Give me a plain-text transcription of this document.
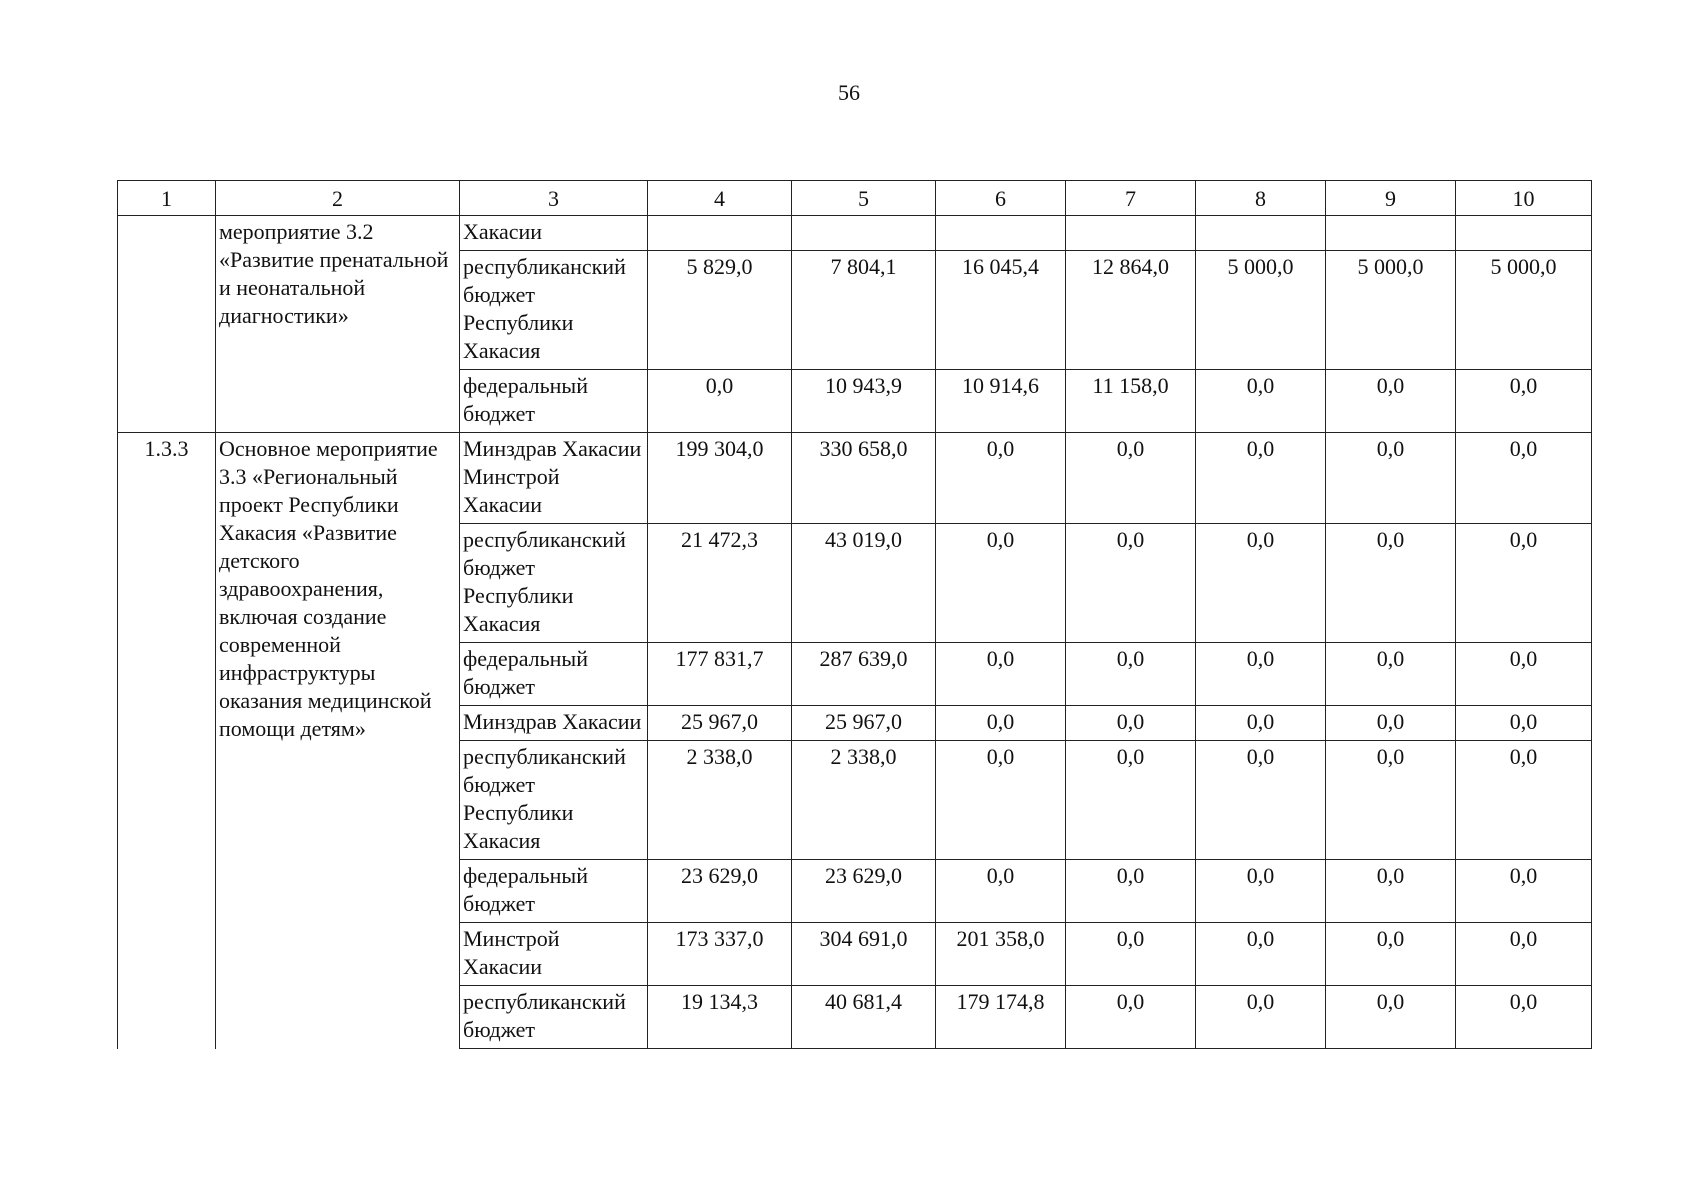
56
1	2	3	4	5	6	7	8	9	10
	мероприятие 3.2 «Развитие пренатальной и неонатальной диагностики»	Хакасии							
		республиканский бюджет Республики Хакасия	5 829,0	7 804,1	16 045,4	12 864,0	5 000,0	5 000,0	5 000,0
		федеральный бюджет	0,0	10 943,9	10 914,6	11 158,0	0,0	0,0	0,0
1.3.3	Основное мероприятие 3.3 «Региональный проект Республики Хакасия «Развитие детского здравоохранения, включая создание современной инфраструктуры оказания медицинской помощи детям»	Минздрав Хакасии Минстрой Хакасии	199 304,0	330 658,0	0,0	0,0	0,0	0,0	0,0
		республиканский бюджет Республики Хакасия	21 472,3	43 019,0	0,0	0,0	0,0	0,0	0,0
		федеральный бюджет	177 831,7	287 639,0	0,0	0,0	0,0	0,0	0,0
		Минздрав Хакасии	25 967,0	25 967,0	0,0	0,0	0,0	0,0	0,0
		республиканский бюджет Республики Хакасия	2 338,0	2 338,0	0,0	0,0	0,0	0,0	0,0
		федеральный бюджет	23 629,0	23 629,0	0,0	0,0	0,0	0,0	0,0
		Минстрой Хакасии	173 337,0	304 691,0	201 358,0	0,0	0,0	0,0	0,0
		республиканский бюджет	19 134,3	40 681,4	179 174,8	0,0	0,0	0,0	0,0
